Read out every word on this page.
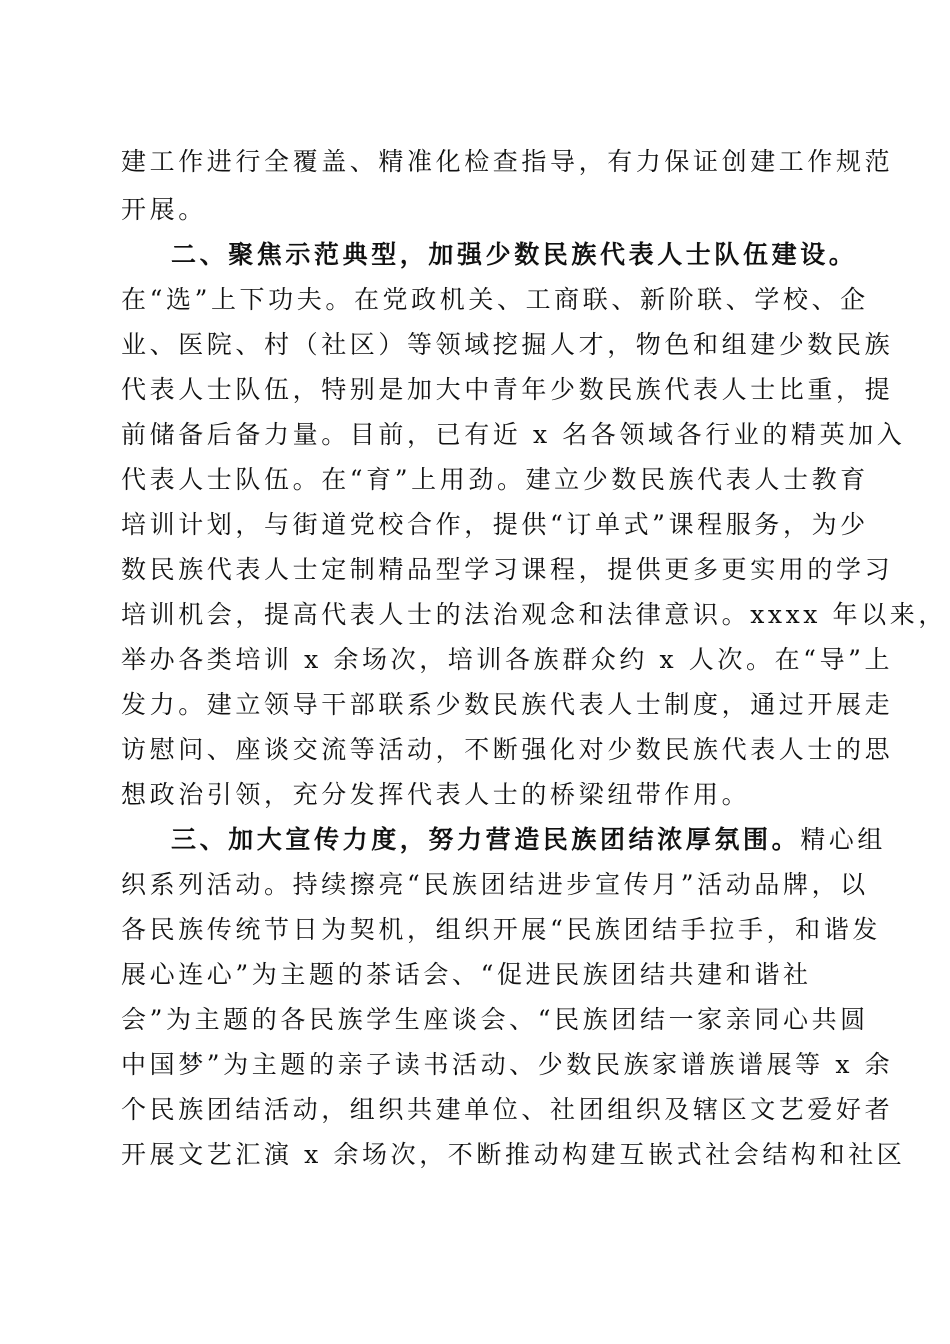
建工作进行全覆盖、精准化检查指导，有力保证创建工作规范
开展。
二、聚焦示范典型，加强少数民族代表人士队伍建设。
在“选”上下功夫。在党政机关、工商联、新阶联、学校、企
业、医院、村（社区）等领域挖掘人才，物色和组建少数民族
代表人士队伍，特别是加大中青年少数民族代表人士比重，提
前储备后备力量。目前，已有近 x 名各领域各行业的精英加入
代表人士队伍。在“育”上用劲。建立少数民族代表人士教育
培训计划，与街道党校合作，提供“订单式”课程服务，为少
数民族代表人士定制精品型学习课程，提供更多更实用的学习
培训机会，提高代表人士的法治观念和法律意识。xxxx 年以来，
举办各类培训 x 余场次，培训各族群众约 x 人次。在“导”上
发力。建立领导干部联系少数民族代表人士制度，通过开展走
访慰问、座谈交流等活动，不断强化对少数民族代表人士的思
想政治引领，充分发挥代表人士的桥梁纽带作用。
三、加大宣传力度，努力营造民族团结浓厚氛围。精心组
织系列活动。持续擦亮“民族团结进步宣传月”活动品牌，以
各民族传统节日为契机，组织开展“民族团结手拉手，和谐发
展心连心”为主题的茶话会、“促进民族团结共建和谐社
会”为主题的各民族学生座谈会、“民族团结一家亲同心共圆
中国梦”为主题的亲子读书活动、少数民族家谱族谱展等 x 余
个民族团结活动，组织共建单位、社团组织及辖区文艺爱好者
开展文艺汇演 x 余场次，不断推动构建互嵌式社会结构和社区
